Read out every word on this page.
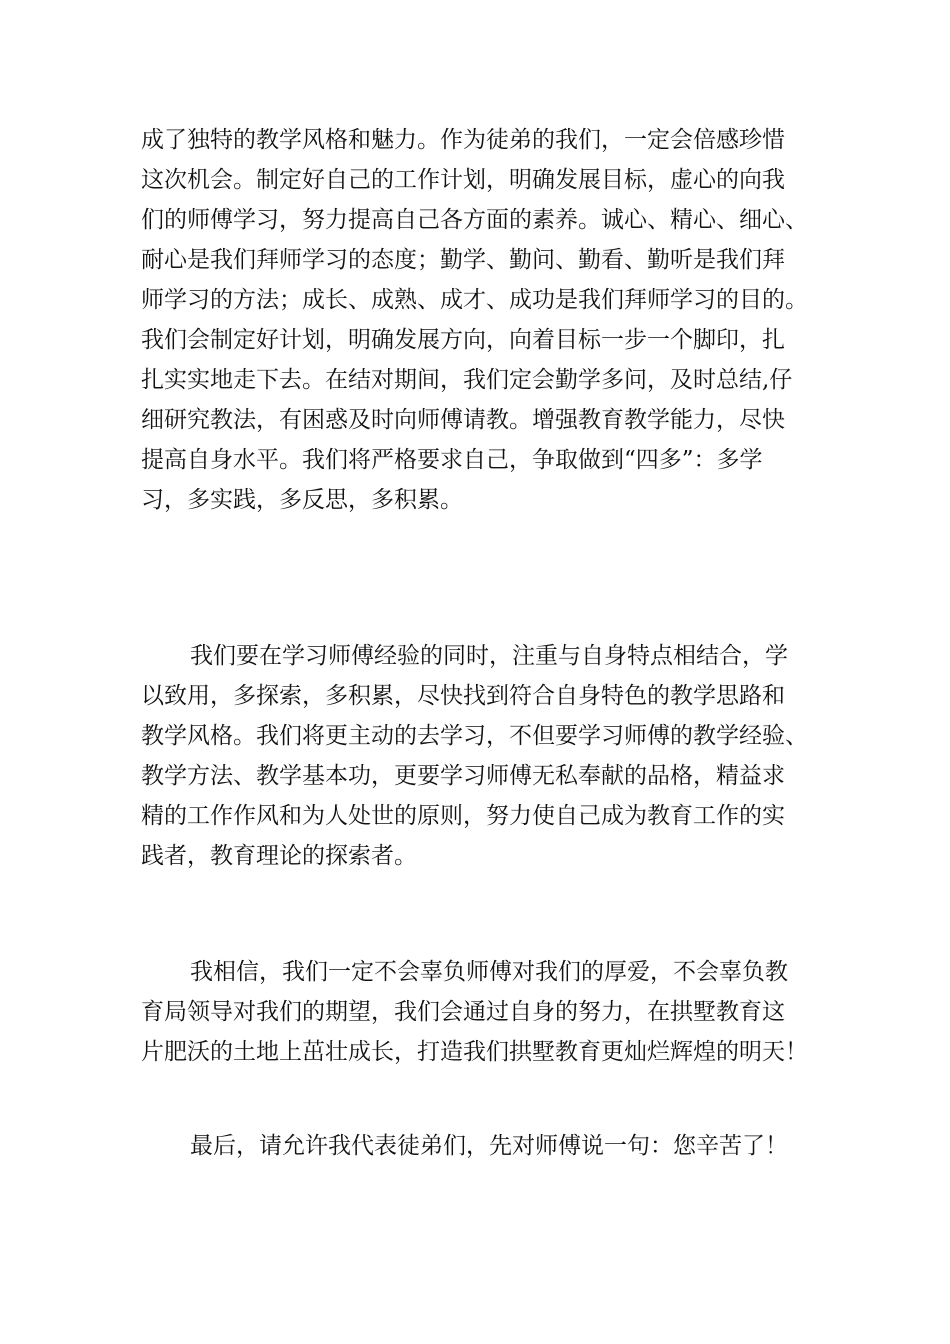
成了独特的教学风格和魅力。作为徒弟的我们，一定会倍感珍惜
这次机会。制定好自己的工作计划，明确发展目标，虚心的向我
们的师傅学习，努力提高自己各方面的素养。诚心、精心、细心、
耐心是我们拜师学习的态度；勤学、勤问、勤看、勤听是我们拜
师学习的方法；成长、成熟、成才、成功是我们拜师学习的目的。
我们会制定好计划，明确发展方向，向着目标一步一个脚印，扎
扎实实地走下去。在结对期间，我们定会勤学多问，及时总结,仔
细研究教法，有困惑及时向师傅请教。增强教育教学能力，尽快
提高自身水平。我们将严格要求自己，争取做到“四多”：多学
习，多实践，多反思，多积累。
我们要在学习师傅经验的同时，注重与自身特点相结合，学
以致用，多探索，多积累，尽快找到符合自身特色的教学思路和
教学风格。我们将更主动的去学习，不但要学习师傅的教学经验、
教学方法、教学基本功，更要学习师傅无私奉献的品格，精益求
精的工作作风和为人处世的原则，努力使自己成为教育工作的实
践者，教育理论的探索者。
我相信，我们一定不会辜负师傅对我们的厚爱，不会辜负教
育局领导对我们的期望，我们会通过自身的努力，在拱墅教育这
片肥沃的土地上茁壮成长，打造我们拱墅教育更灿烂辉煌的明天！
最后，请允许我代表徒弟们，先对师傅说一句：您辛苦了！
